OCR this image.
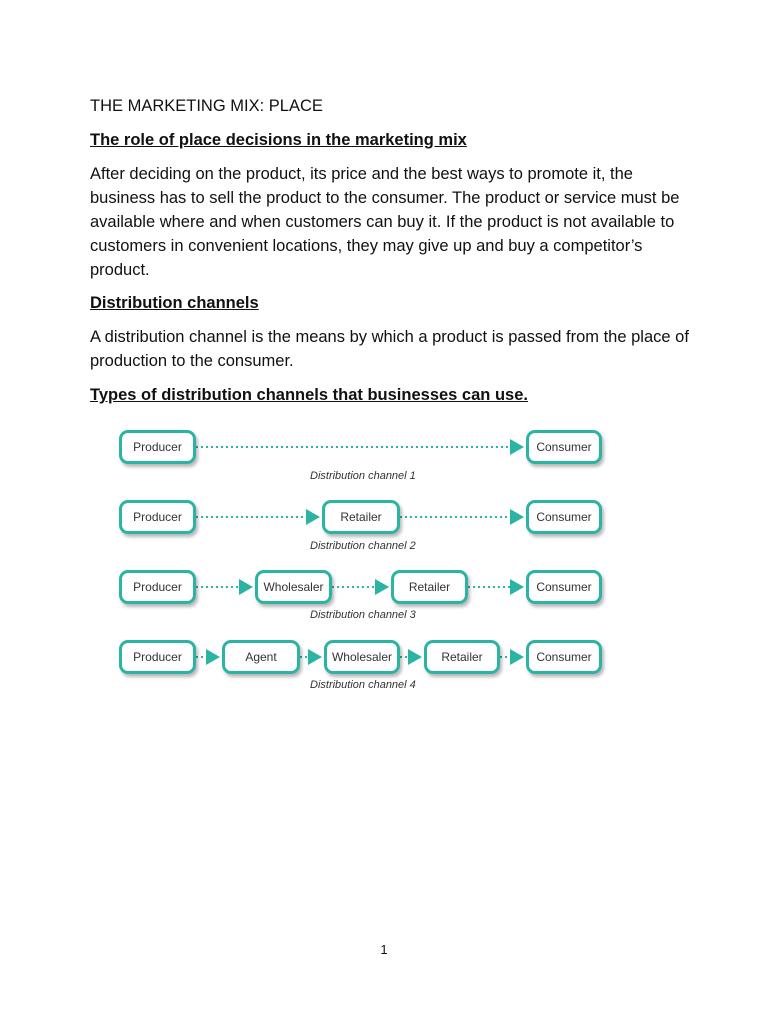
THE MARKETING MIX: PLACE
The role of place decisions in the marketing mix

After deciding on the product, its price and the best ways to promote it, the business has to sell the product to the consumer. The product or service must be available where and when customers can buy it. If the product is not available to customers in convenient locations, they may give up and buy a competitor’s product.

Distribution channels

A distribution channel is the means by which a product is passed from the place of production to the consumer.

Types of distribution channels that businesses can use.
Producer	Consumer
Distribution channel 1
Producer	Retailer	Consumer
Distribution channel 2
Producer	Wholesaler	Retailer	Consumer
Distribution channel 3
Producer	Agent	Wholesaler	Retailer	Consumer
Distribution channel 4
1
